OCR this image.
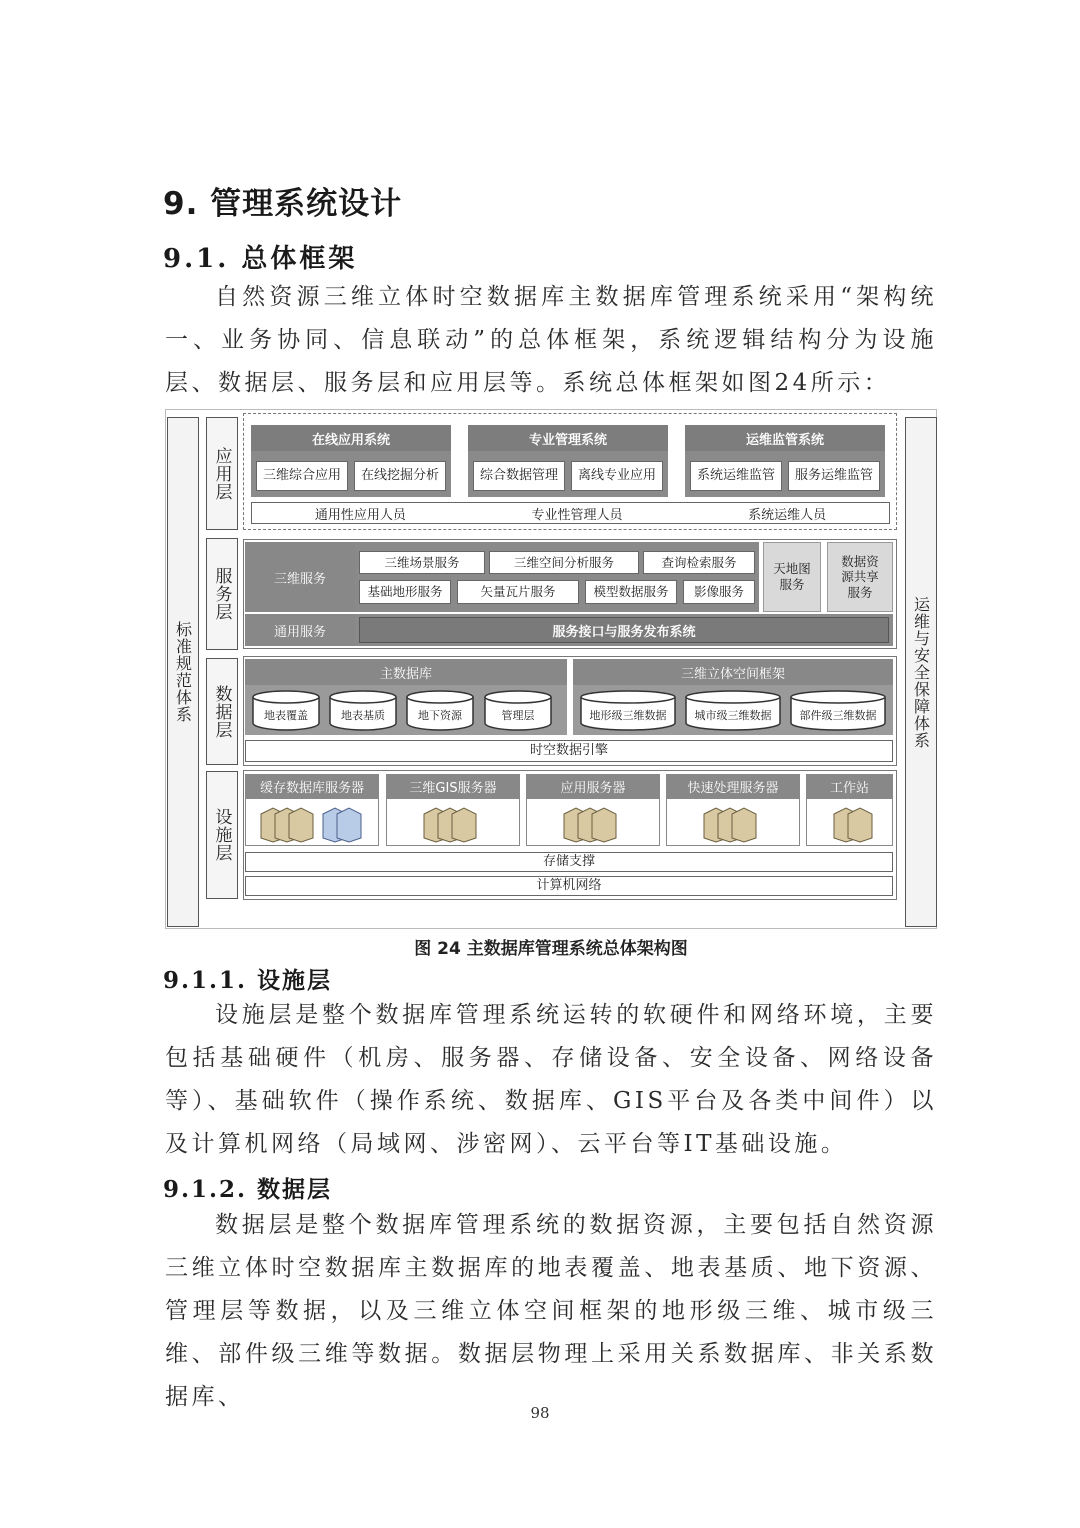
9. 管理系统设计
9.1. 总体框架

自然资源三维立体时空数据库主数据库管理系统采用“架构统一、业务协同、信息联动”的总体框架，系统逻辑结构分为设施层、数据层、服务层和应用层等。系统总体框架如图24所示：

标准规范体系	运维与安全保障体系
应用层
在线应用系统
三维综合应用	在线挖掘分析
专业管理系统
综合数据管理	离线专业应用
运维监管系统
系统运维监管	服务运维监管
通用性应用人员	专业性管理人员	系统运维人员
服务层	三维服务
三维场景服务	三维空间分析服务	查询检索服务
基础地形服务	矢量瓦片服务	模型数据服务	影像服务
天地图服务
数据资源共享服务
通用服务	服务接口与服务发布系统
数据层
主数据库	三维立体空间框架
地表覆盖	地表基质	地下资源	管理层	地形级三维数据	城市级三维数据	部件级三维数据
时空数据引擎
设施层
缓存数据库服务器	三维GIS服务器	应用服务器	快速处理服务器	工作站
存储支撑
计算机网络
图 24 主数据库管理系统总体架构图
9.1.1. 设施层

设施层是整个数据库管理系统运转的软硬件和网络环境，主要包括基础硬件（机房、服务器、存储设备、安全设备、网络设备等）、基础软件（操作系统、数据库、GIS平台及各类中间件）以及计算机网络（局域网、涉密网）、云平台等IT基础设施。

9.1.2. 数据层

数据层是整个数据库管理系统的数据资源，主要包括自然资源三维立体时空数据库主数据库的地表覆盖、地表基质、地下资源、管理层等数据，以及三维立体空间框架的地形级三维、城市级三维、部件级三维等数据。数据层物理上采用关系数据库、非关系数据库、

98
